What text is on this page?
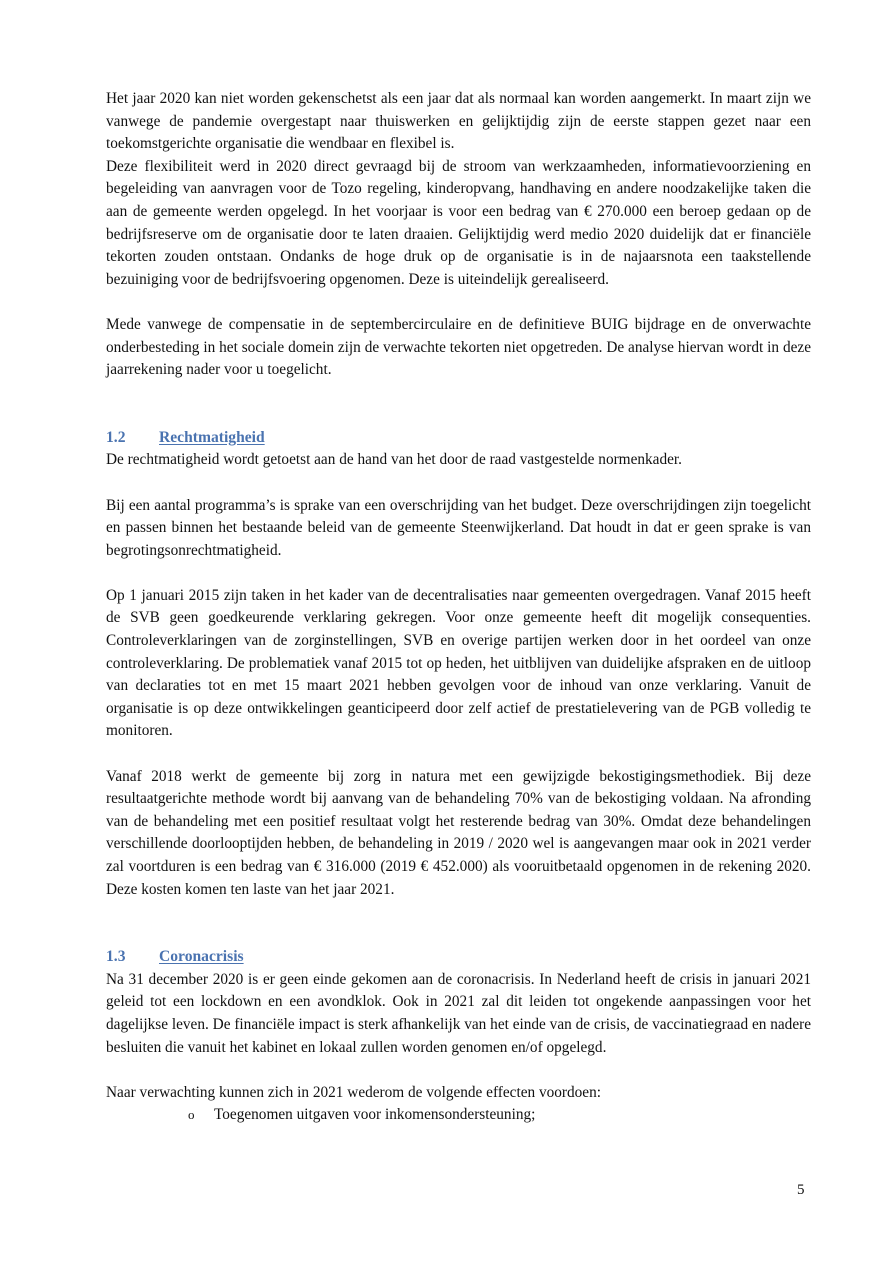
Het jaar 2020 kan niet worden gekenschetst als een jaar dat als normaal kan worden aangemerkt. In maart zijn we vanwege de pandemie overgestapt naar thuiswerken en gelijktijdig zijn de eerste stappen gezet naar een toekomstgerichte organisatie die wendbaar en flexibel is.

Deze flexibiliteit werd in 2020 direct gevraagd bij de stroom van werkzaamheden, informatievoorziening en begeleiding van aanvragen voor de Tozo regeling, kinderopvang, handhaving en andere noodzakelijke taken die aan de gemeente werden opgelegd. In het voorjaar is voor een bedrag van € 270.000 een beroep gedaan op de bedrijfsreserve om de organisatie door te laten draaien. Gelijktijdig werd medio 2020 duidelijk dat er financiële tekorten zouden ontstaan. Ondanks de hoge druk op de organisatie is in de najaarsnota een taakstellende bezuiniging voor de bedrijfsvoering opgenomen. Deze is uiteindelijk gerealiseerd.

Mede vanwege de compensatie in de septembercirculaire en de definitieve BUIG bijdrage en de onverwachte onderbesteding in het sociale domein zijn de verwachte tekorten niet opgetreden. De analyse hiervan wordt in deze jaarrekening nader voor u toegelicht.

1.2 Rechtmatigheid

De rechtmatigheid wordt getoetst aan de hand van het door de raad vastgestelde normenkader.

Bij een aantal programma’s is sprake van een overschrijding van het budget. Deze overschrijdingen zijn toegelicht en passen binnen het bestaande beleid van de gemeente Steenwijkerland. Dat houdt in dat er geen sprake is van begrotingsonrechtmatigheid.

Op 1 januari 2015 zijn taken in het kader van de decentralisaties naar gemeenten overgedragen. Vanaf 2015 heeft de SVB geen goedkeurende verklaring gekregen. Voor onze gemeente heeft dit mogelijk consequenties. Controleverklaringen van de zorginstellingen, SVB en overige partijen werken door in het oordeel van onze controleverklaring. De problematiek vanaf 2015 tot op heden, het uitblijven van duidelijke afspraken en de uitloop van declaraties tot en met 15 maart 2021 hebben gevolgen voor de inhoud van onze verklaring. Vanuit de organisatie is op deze ontwikkelingen geanticipeerd door zelf actief de prestatielevering van de PGB volledig te monitoren.

Vanaf 2018 werkt de gemeente bij zorg in natura met een gewijzigde bekostigingsmethodiek. Bij deze resultaatgerichte methode wordt bij aanvang van de behandeling 70% van de bekostiging voldaan. Na afronding van de behandeling met een positief resultaat volgt het resterende bedrag van 30%. Omdat deze behandelingen verschillende doorlooptijden hebben, de behandeling in 2019 / 2020 wel is aangevangen maar ook in 2021 verder zal voortduren is een bedrag van € 316.000 (2019 € 452.000) als vooruitbetaald opgenomen in de rekening 2020. Deze kosten komen ten laste van het jaar 2021.

1.3 Coronacrisis

Na 31 december 2020 is er geen einde gekomen aan de coronacrisis. In Nederland heeft de crisis in januari 2021 geleid tot een lockdown en een avondklok. Ook in 2021 zal dit leiden tot ongekende aanpassingen voor het dagelijkse leven. De financiële impact is sterk afhankelijk van het einde van de crisis, de vaccinatiegraad en nadere besluiten die vanuit het kabinet en lokaal zullen worden genomen en/of opgelegd.

Naar verwachting kunnen zich in 2021 wederom de volgende effecten voordoen:

o Toegenomen uitgaven voor inkomensondersteuning;
5
